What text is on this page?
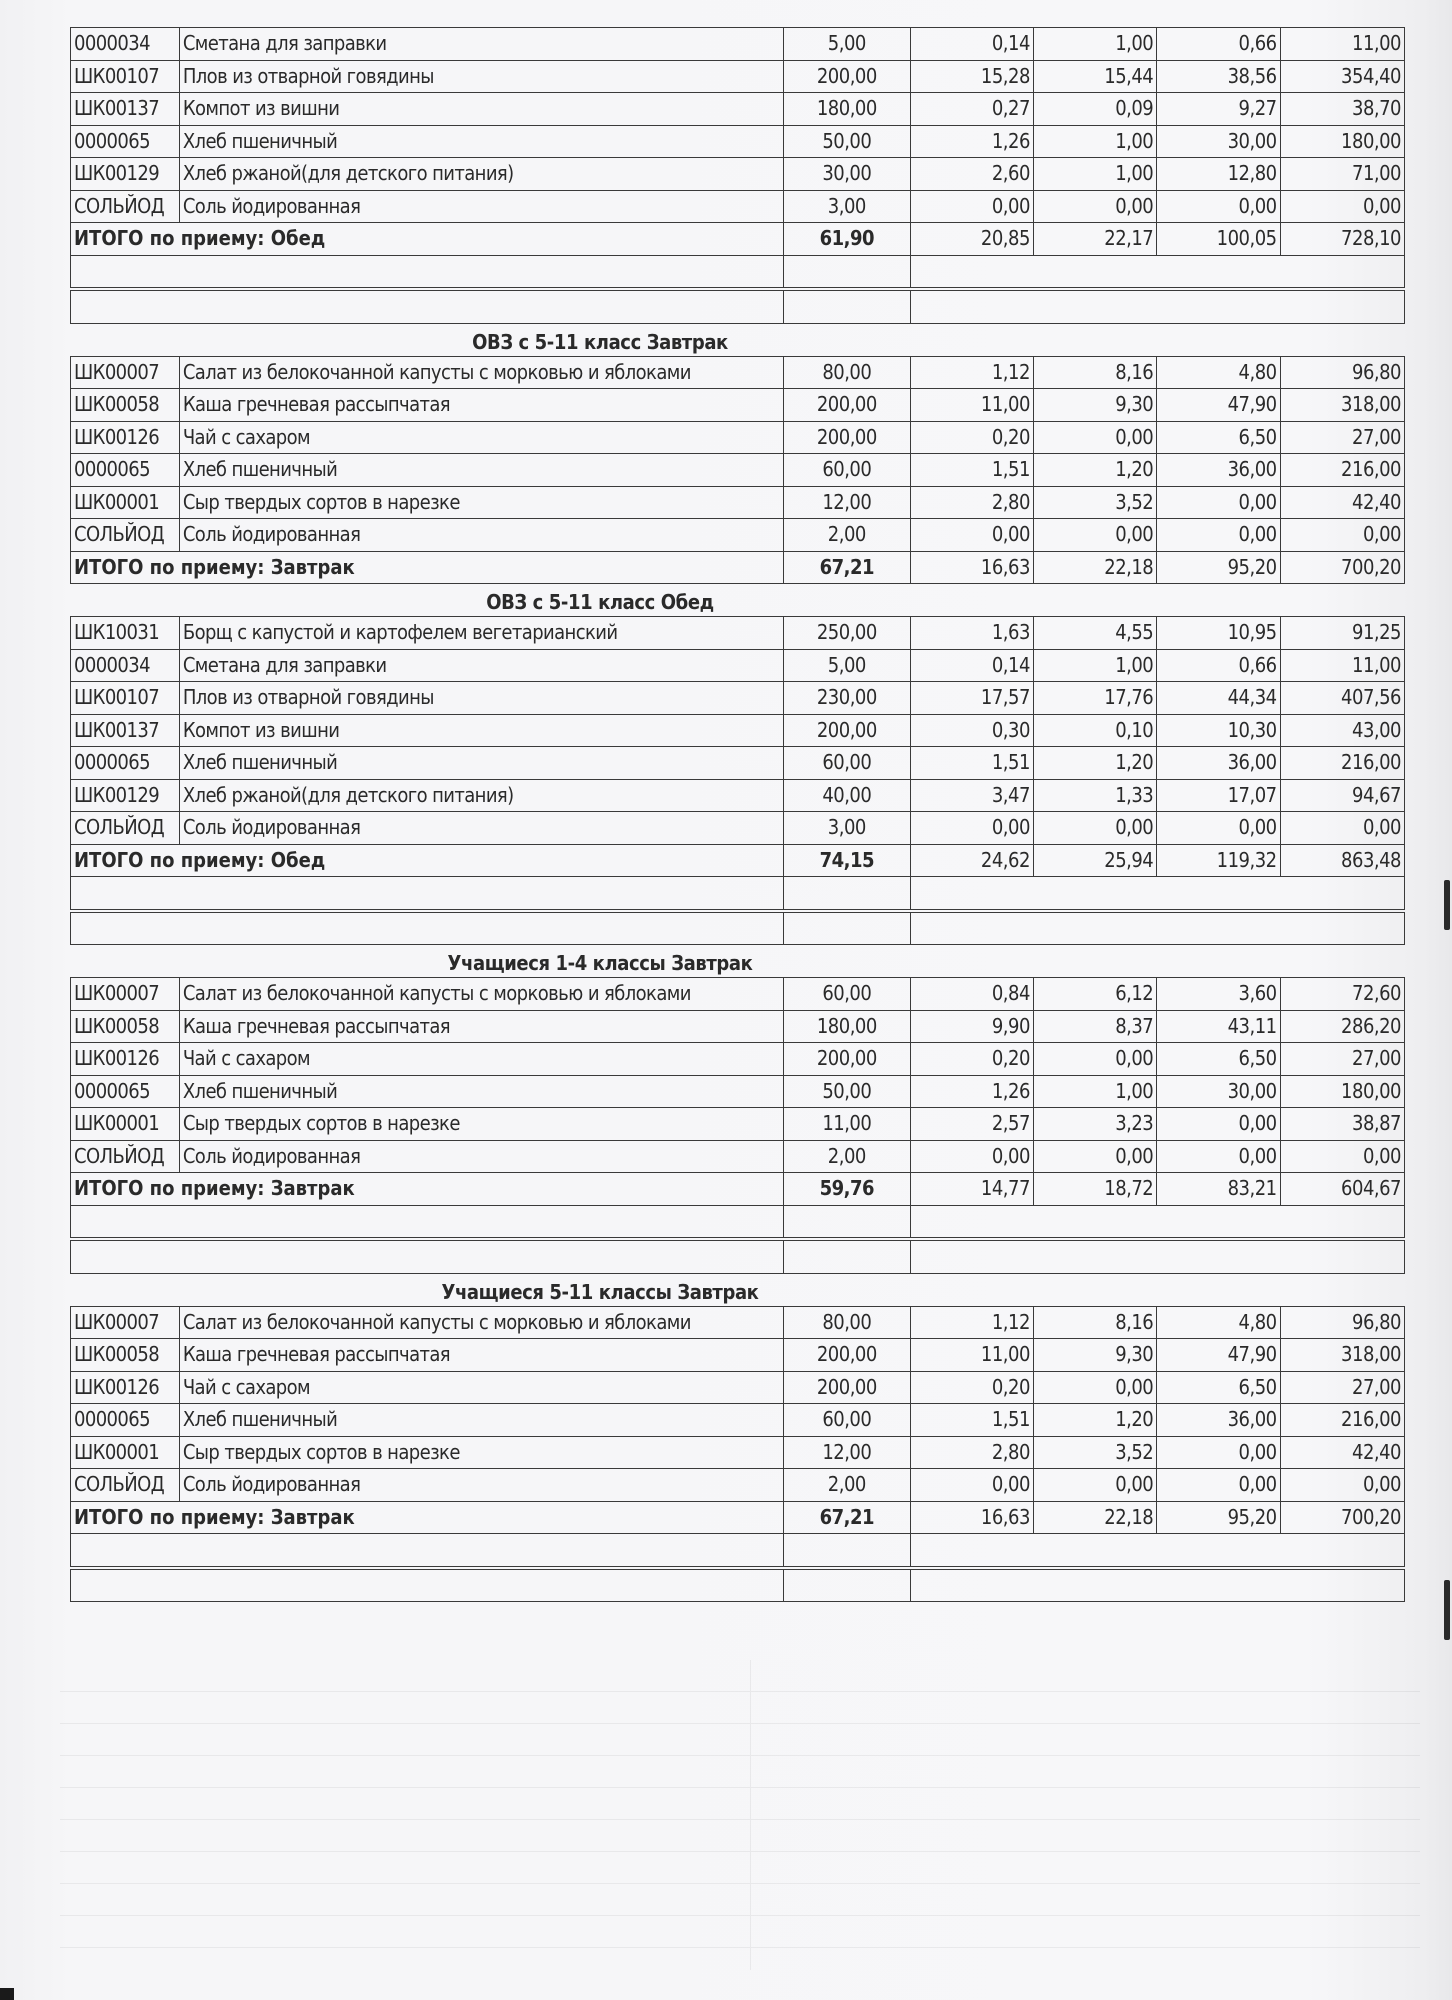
0000034	Сметана для заправки	5,00	0,14	1,00	0,66	11,00
ШК00107	Плов из отварной говядины	200,00	15,28	15,44	38,56	354,40
ШК00137	Компот из вишни	180,00	0,27	0,09	9,27	38,70
0000065	Хлеб пшеничный	50,00	1,26	1,00	30,00	180,00
ШК00129	Хлеб ржаной(для детского питания)	30,00	2,60	1,00	12,80	71,00
СОЛЬЙОД	Соль йодированная	3,00	0,00	0,00	0,00	0,00
ИТОГО по приему: Обед		61,90	20,85	22,17	100,05	728,10

ОВЗ с 5-11 класс Завтрак
ШК00007	Салат из белокочанной капусты с морковью и яблоками	80,00	1,12	8,16	4,80	96,80
ШК00058	Каша гречневая рассыпчатая	200,00	11,00	9,30	47,90	318,00
ШК00126	Чай с сахаром	200,00	0,20	0,00	6,50	27,00
0000065	Хлеб пшеничный	60,00	1,51	1,20	36,00	216,00
ШК00001	Сыр твердых сортов в нарезке	12,00	2,80	3,52	0,00	42,40
СОЛЬЙОД	Соль йодированная	2,00	0,00	0,00	0,00	0,00
ИТОГО по приему: Завтрак		67,21	16,63	22,18	95,20	700,20
ОВЗ с 5-11 класс Обед
ШК10031	Борщ с капустой и картофелем вегетарианский	250,00	1,63	4,55	10,95	91,25
0000034	Сметана для заправки	5,00	0,14	1,00	0,66	11,00
ШК00107	Плов из отварной говядины	230,00	17,57	17,76	44,34	407,56
ШК00137	Компот из вишни	200,00	0,30	0,10	10,30	43,00
0000065	Хлеб пшеничный	60,00	1,51	1,20	36,00	216,00
ШК00129	Хлеб ржаной(для детского питания)	40,00	3,47	1,33	17,07	94,67
СОЛЬЙОД	Соль йодированная	3,00	0,00	0,00	0,00	0,00
ИТОГО по приему: Обед		74,15	24,62	25,94	119,32	863,48

Учащиеся 1-4 классы Завтрак
ШК00007	Салат из белокочанной капусты с морковью и яблоками	60,00	0,84	6,12	3,60	72,60
ШК00058	Каша гречневая рассыпчатая	180,00	9,90	8,37	43,11	286,20
ШК00126	Чай с сахаром	200,00	0,20	0,00	6,50	27,00
0000065	Хлеб пшеничный	50,00	1,26	1,00	30,00	180,00
ШК00001	Сыр твердых сортов в нарезке	11,00	2,57	3,23	0,00	38,87
СОЛЬЙОД	Соль йодированная	2,00	0,00	0,00	0,00	0,00
ИТОГО по приему: Завтрак		59,76	14,77	18,72	83,21	604,67

Учащиеся 5-11 классы Завтрак
ШК00007	Салат из белокочанной капусты с морковью и яблоками	80,00	1,12	8,16	4,80	96,80
ШК00058	Каша гречневая рассыпчатая	200,00	11,00	9,30	47,90	318,00
ШК00126	Чай с сахаром	200,00	0,20	0,00	6,50	27,00
0000065	Хлеб пшеничный	60,00	1,51	1,20	36,00	216,00
ШК00001	Сыр твердых сортов в нарезке	12,00	2,80	3,52	0,00	42,40
СОЛЬЙОД	Соль йодированная	2,00	0,00	0,00	0,00	0,00
ИТОГО по приему: Завтрак		67,21	16,63	22,18	95,20	700,20
